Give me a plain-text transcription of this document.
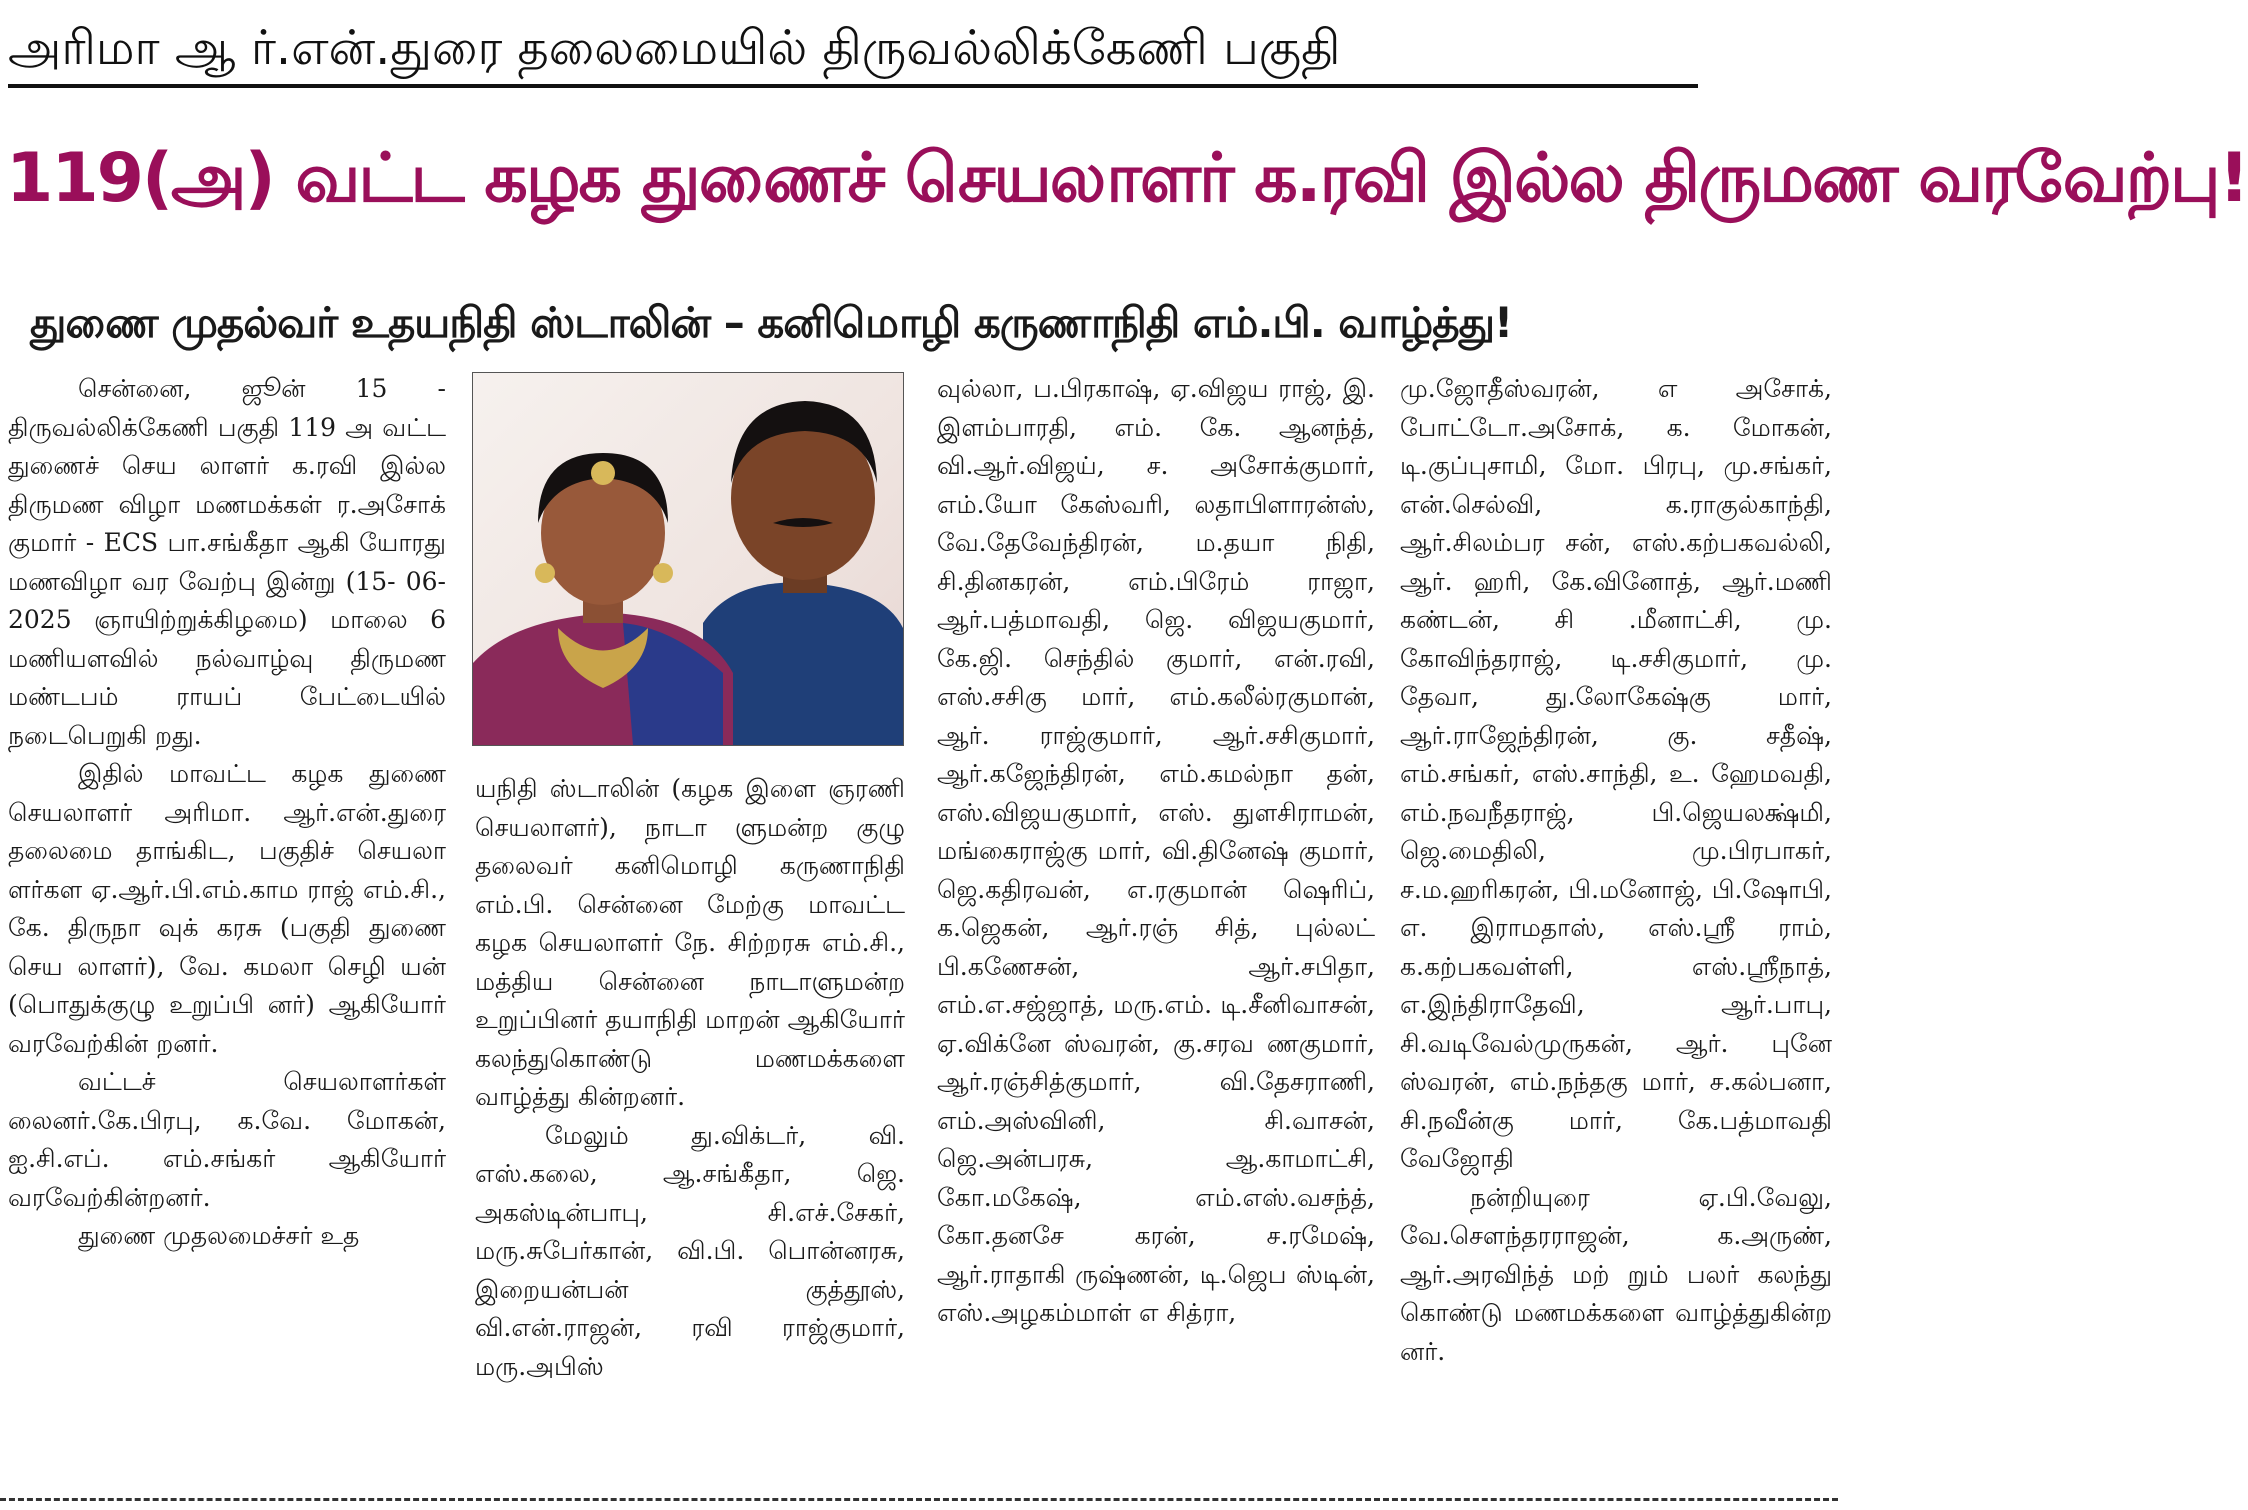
அரிமா ஆ ர்.என்.துரை தலைமையில் திருவல்லிக்கேணி பகுதி
119(அ) வட்ட கழக துணைச் செயலாளர் க.ரவி இல்ல திருமண வரவேற்பு!
துணை முதல்வர் உதயநிதி ஸ்டாலின் – கனிமொழி கருணாநிதி எம்.பி. வாழ்த்து!

சென்னை, ஜூன் 15 - திருவல்லிக்கேணி பகுதி 119 அ வட்ட துணைச் செய லாளர் க.ரவி இல்ல திருமண விழா மணமக்கள் ர.அசோக் குமார் - ECS பா.சங்கீதா ஆகி யோரது மணவிழா வர வேற்பு இன்று (15- 06-2025 ஞாயிற்றுக்கிழமை) மாலை 6 மணியளவில் நல்வாழ்வு திருமண மண்டபம் ராயப் பேட்டையில் நடைபெறுகி றது.

இதில் மாவட்ட கழக துணை செயலாளர் அரிமா. ஆர்.என்.துரை தலைமை தாங்கிட, பகுதிச் செயலா ளர்கள ஏ.ஆர்.பி.எம்.காம ராஜ் எம்.சி., கே. திருநா வுக் கரசு (பகுதி துணை செய லாளர்), வே. கமலா செழி யன் (பொதுக்குழு உறுப்பி னர்) ஆகியோர் வரவேற்கின் றனர்.

வட்டச் செயலாளர்கள் லைனர்.கே.பிரபு, க.வே. மோகன், ஐ.சி.எப். எம்.சங்கர் ஆகியோர் வரவேற்கின்றனர்.

துணை முதலமைச்சர் உத

யநிதி ஸ்டாலின் (கழக இளை ஞரணி செயலாளர்), நாடா ளுமன்ற குழு தலைவர் கனிமொழி கருணாநிதி எம்.பி. சென்னை மேற்கு மாவட்ட கழக செயலாளர் நே. சிற்றரசு எம்.சி., மத்திய சென்னை நாடாளுமன்ற உறுப்பினர் தயாநிதி மாறன் ஆகியோர் கலந்துகொண்டு மணமக்களை வாழ்த்து கின்றனர்.

மேலும் து.விக்டர், வி. எஸ்.கலை, ஆ.சங்கீதா, ஜெ. அகஸ்டின்பாபு, சி.எச்.சேகர், மரு.சுபேர்கான், வி.பி. பொன்னரசு, இறையன்பன் குத்தூஸ், வி.என்.ராஜன், ரவி ராஜ்குமார், மரு.அபிஸ்

வுல்லா, ப.பிரகாஷ், ஏ.விஜய ராஜ், இ. இளம்பாரதி, எம். கே. ஆனந்த், வி.ஆர்.விஜய், ச. அசோக்குமார், எம்.யோ கேஸ்வரி, லதாபிளாரன்ஸ், வே.தேவேந்திரன், ம.தயா நிதி, சி.தினகரன், எம்.பிரேம் ராஜா, ஆர்.பத்மாவதி, ஜெ. விஜயகுமார், கே.ஜி. செந்தில் குமார், என்.ரவி, எஸ்.சசிகு மார், எம்.கலீல்ரகுமான், ஆர். ராஜ்குமார், ஆர்.சசிகுமார், ஆர்.கஜேந்திரன், எம்.கமல்நா தன், எஸ்.விஜயகுமார், எஸ். துளசிராமன், மங்கைராஜ்கு மார், வி.தினேஷ் குமார், ஜெ.கதிரவன், எ.ரகுமான் ஷெரிப், க.ஜெகன், ஆர்.ரஞ் சித், புல்லட் பி.கணேசன், ஆர்.சபிதா, எம்.எ.சஜ்ஜாத், மரு.எம். டி.சீனிவாசன், ஏ.விக்னே ஸ்வரன், கு.சரவ ணகுமார், ஆர்.ரஞ்சித்குமார், வி.தேசராணி, எம்.அஸ்வினி, சி.வாசன், ஜெ.அன்பரசு, ஆ.காமாட்சி, கோ.மகேஷ், எம்.எஸ்.வசந்த், கோ.தனசே கரன், ச.ரமேஷ், ஆர்.ராதாகி ருஷ்ணன், டி.ஜெப ஸ்டின், எஸ்.அழகம்மாள் எ சித்ரா,

மு.ஜோதீஸ்வரன், எ அசோக், போட்டோ.அசோக், க. மோகன், டி.குப்புசாமி, மோ. பிரபு, மு.சங்கர், என்.செல்வி, க.ராகுல்காந்தி, ஆர்.சிலம்பர சன், எஸ்.கற்பகவல்லி, ஆர். ஹரி, கே.வினோத், ஆர்.மணி கண்டன், சி .மீனாட்சி, மு. கோவிந்தராஜ், டி.சசிகுமார், மு. தேவா, து.லோகேஷ்கு மார், ஆர்.ராஜேந்திரன், கு. சதீஷ், எம்.சங்கர், எஸ்.சாந்தி, உ. ஹேமவதி, எம்.நவநீதராஜ், பி.ஜெயலக்ஷ்மி, ஜெ.மைதிலி, மு.பிரபாகர், ச.ம.ஹரிகரன், பி.மனோஜ், பி.ஷோபி, எ. இராமதாஸ், எஸ்.ஸ்ரீ ராம், க.கற்பகவள்ளி, எஸ்.ஸ்ரீநாத், எ.இந்திராதேவி, ஆர்.பாபு, சி.வடிவேல்முருகன், ஆர். புனே ஸ்வரன், எம்.நந்தகு மார், ச.கல்பனா, சி.நவீன்கு மார், கே.பத்மாவதி வேஜோதி

நன்றியுரை ஏ.பி.வேலு, வே.சௌந்தரராஜன், க.அருண், ஆர்.அரவிந்த் மற் றும் பலர் கலந்து கொண்டு மணமக்களை வாழ்த்துகின்ற னர்.
